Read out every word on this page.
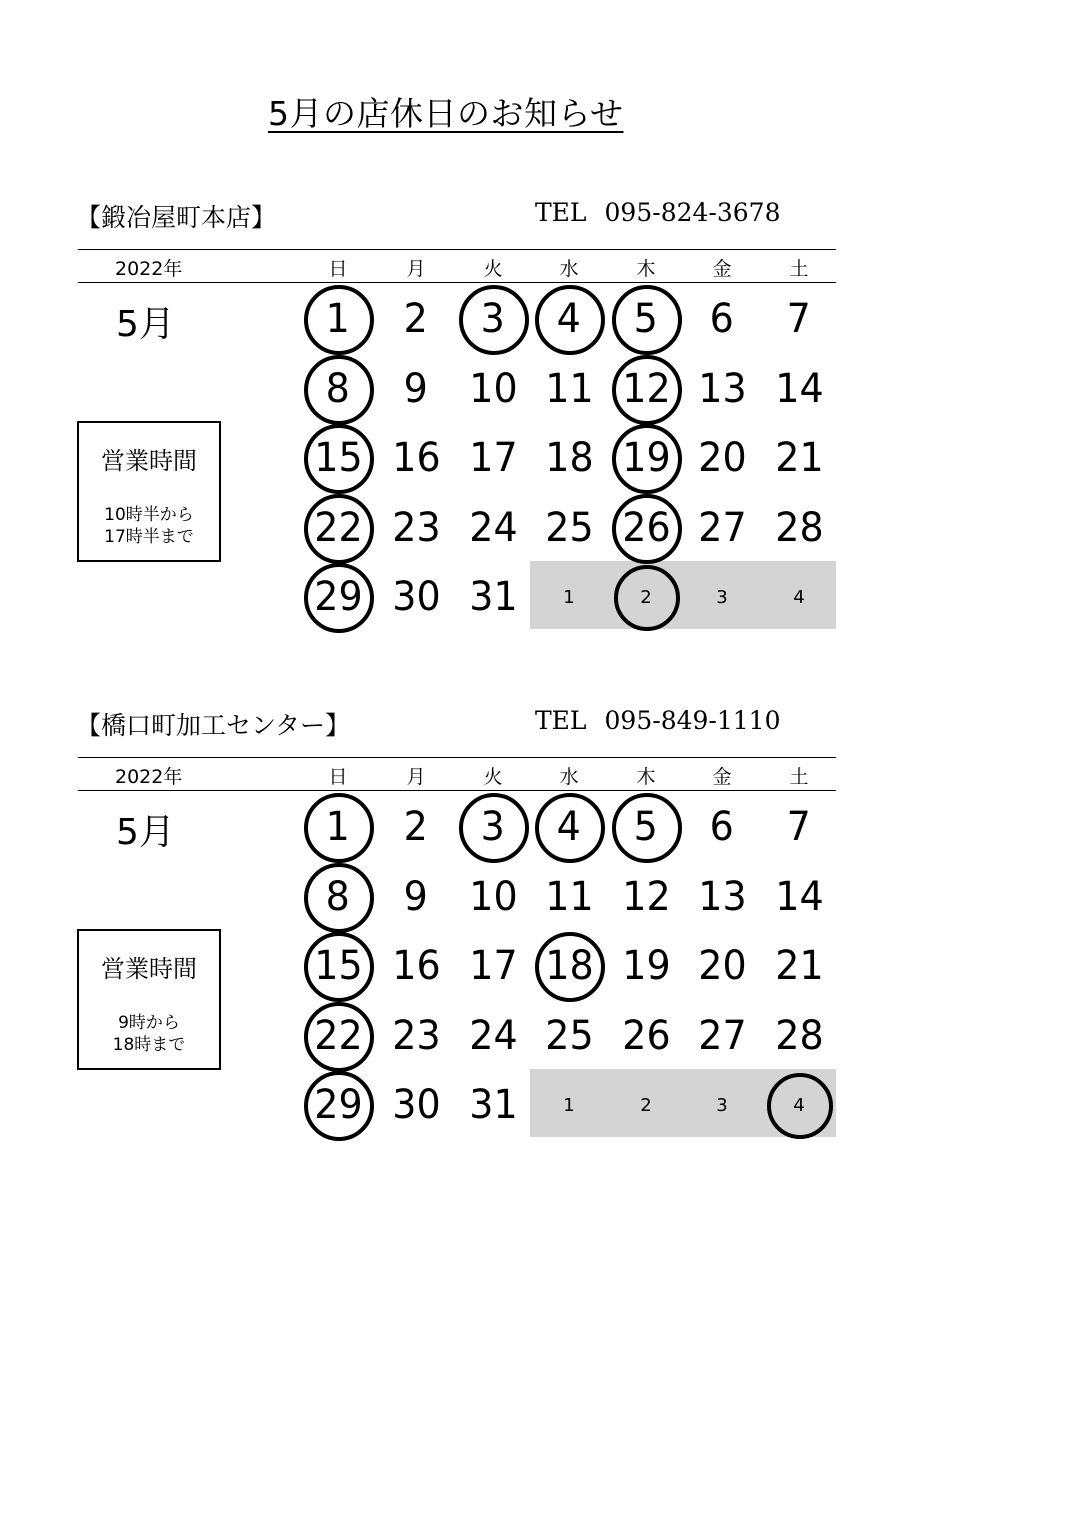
5月の店休日のお知らせ
【鍛冶屋町本店】	TEL 095-824-3678
2022年	日	月	火	水	木	金	土
5月
営業時間
10時半から
17時半まで
1 2 3 4 5 6 7
8 9 10 11 12 13 14
15 16 17 18 19 20 21
22 23 24 25 26 27 28
29 30 31	1	2	3	4
【橋口町加工センター】	TEL 095-849-1110
2022年	日	月	火	水	木	金	土
5月
営業時間
9時から
18時まで
1 2 3 4 5 6 7
8 9 10 11 12 13 14
15 16 17 18 19 20 21
22 23 24 25 26 27 28
29 30 31	1	2	3	4
